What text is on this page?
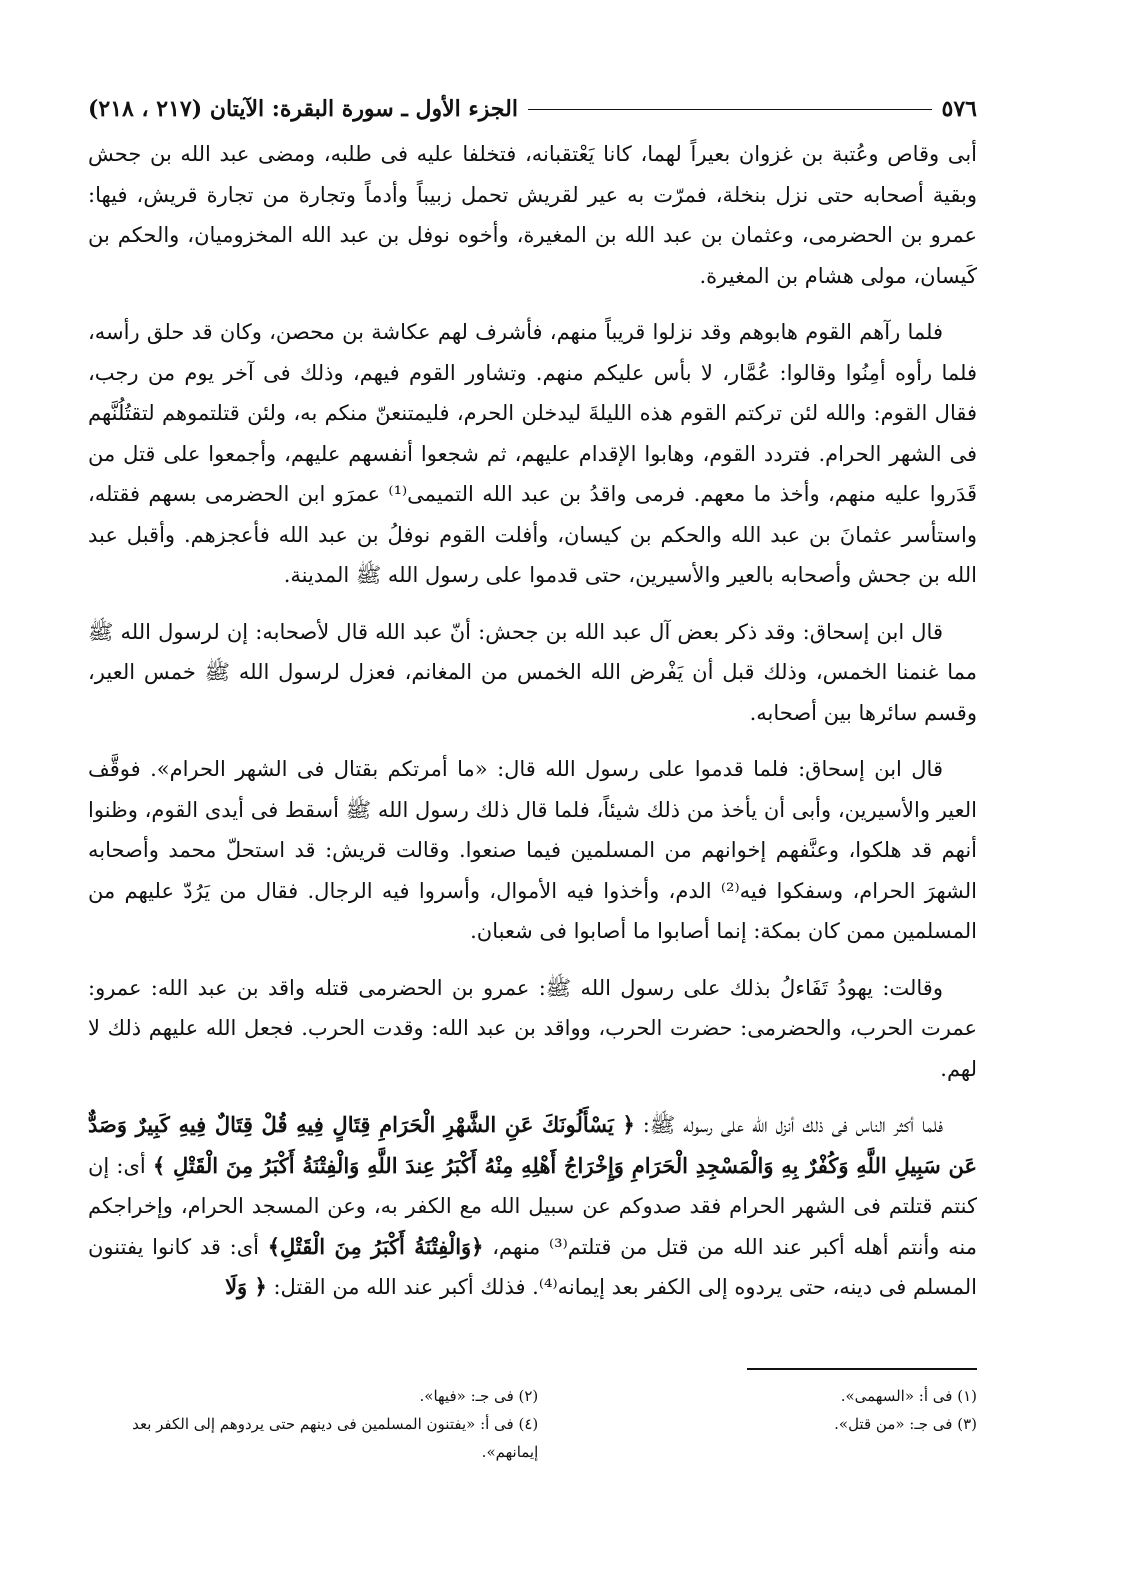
٥٧٦
الجزء الأول ـ سورة البقرة: الآيتان (٢١٧ ، ٢١٨)

أبى وقاص وعُتبة بن غزوان بعيراً لهما، كانا يَعْتقبانه، فتخلفا عليه فى طلبه، ومضى عبد الله بن جحش وبقية أصحابه حتى نزل بنخلة، فمرّت به عير لقريش تحمل زبيباً وأدماً وتجارة من تجارة قريش، فيها: عمرو بن الحضرمى، وعثمان بن عبد الله بن المغيرة، وأخوه نوفل بن عبد الله المخزوميان، والحكم بن كَيسان، مولى هشام بن المغيرة.

فلما رآهم القوم هابوهم وقد نزلوا قريباً منهم، فأشرف لهم عكاشة بن محصن، وكان قد حلق رأسه، فلما رأوه أمِنُوا وقالوا: عُمَّار، لا بأس عليكم منهم. وتشاور القوم فيهم، وذلك فى آخر يوم من رجب، فقال القوم: والله لئن تركتم القوم هذه الليلةَ ليدخلن الحرم، فليمتنعنّ منكم به، ولئن قتلتموهم لتقتُلُنَّهم فى الشهر الحرام. فتردد القوم، وهابوا الإقدام عليهم، ثم شجعوا أنفسهم عليهم، وأجمعوا على قتل من قَدَروا عليه منهم، وأخذ ما معهم. فرمى واقدُ بن عبد الله التميمى⁽¹⁾ عمرَو ابن الحضرمى بسهم فقتله، واستأسر عثمانَ بن عبد الله والحكم بن كيسان، وأفلت القوم نوفلُ بن عبد الله فأعجزهم. وأقبل عبد الله بن جحش وأصحابه بالعير والأسيرين، حتى قدموا على رسول الله ﷺ المدينة.

قال ابن إسحاق: وقد ذكر بعض آل عبد الله بن جحش: أنّ عبد الله قال لأصحابه: إن لرسول الله ﷺ مما غنمنا الخمس، وذلك قبل أن يَفْرض الله الخمس من المغانم، فعزل لرسول الله ﷺ خمس العير، وقسم سائرها بين أصحابه.

قال ابن إسحاق: فلما قدموا على رسول الله قال: «ما أمرتكم بقتال فى الشهر الحرام». فوقَّف العير والأسيرين، وأبى أن يأخذ من ذلك شيئاً، فلما قال ذلك رسول الله ﷺ أسقط فى أيدى القوم، وظنوا أنهم قد هلكوا، وعنَّفهم إخوانهم من المسلمين فيما صنعوا. وقالت قريش: قد استحلّ محمد وأصحابه الشهرَ الحرام، وسفكوا فيه⁽²⁾ الدم، وأخذوا فيه الأموال، وأسروا فيه الرجال. فقال من يَرُدّ عليهم من المسلمين ممن كان بمكة: إنما أصابوا ما أصابوا فى شعبان.

وقالت: يهودُ تَفَاءلُ بذلك على رسول الله ﷺ: عمرو بن الحضرمى قتله واقد بن عبد الله: عمرو: عمرت الحرب، والحضرمى: حضرت الحرب، وواقد بن عبد الله: وقدت الحرب. فجعل الله عليهم ذلك لا لهم.

فلما أكثر الناس فى ذلك أنزل الله على رسوله ﷺ: ﴿ يَسْأَلُونَكَ عَنِ الشَّهْرِ الْحَرَامِ قِتَالٍ فِيهِ قُلْ قِتَالٌ فِيهِ كَبِيرٌ وَصَدٌّ عَن سَبِيلِ اللَّهِ وَكُفْرٌ بِهِ وَالْمَسْجِدِ الْحَرَامِ وَإِخْرَاجُ أَهْلِهِ مِنْهُ أَكْبَرُ عِندَ اللَّهِ وَالْفِتْنَةُ أَكْبَرُ مِنَ الْقَتْلِ ﴾ أى: إن كنتم قتلتم فى الشهر الحرام فقد صدوكم عن سبيل الله مع الكفر به، وعن المسجد الحرام، وإخراجكم منه وأنتم أهله أكبر عند الله من قتل من قتلتم⁽³⁾ منهم، ﴿وَالْفِتْنَةُ أَكْبَرُ مِنَ الْقَتْلِ﴾ أى: قد كانوا يفتنون المسلم فى دينه، حتى يردوه إلى الكفر بعد إيمانه⁽⁴⁾. فذلك أكبر عند الله من القتل: ﴿ وَلَا

(١) فى أ: «السهمى».
(٢) فى جـ: «فيها».
(٣) فى جـ: «من قتل».
(٤) فى أ: «يفتنون المسلمين فى دينهم حتى يردوهم إلى الكفر بعد إيمانهم».
